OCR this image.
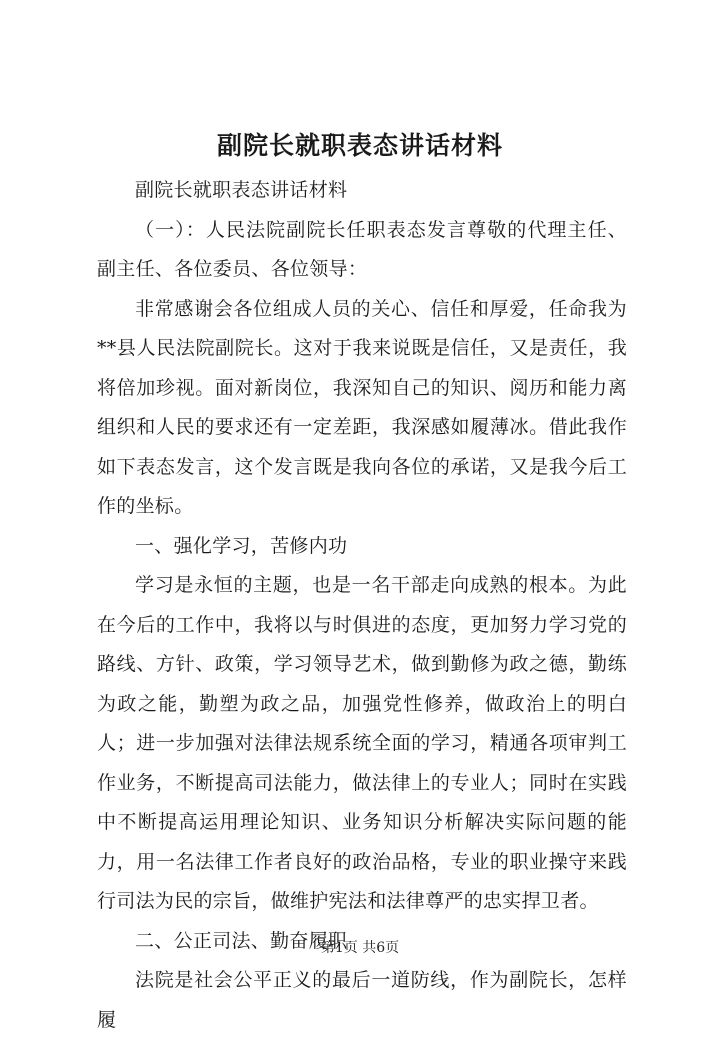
副院长就职表态讲话材料

副院长就职表态讲话材料

（一）：人民法院副院长任职表态发言尊敬的代理主任、副主任、各位委员、各位领导：

非常感谢会各位组成人员的关心、信任和厚爱，任命我为**县人民法院副院长。这对于我来说既是信任，又是责任，我将倍加珍视。面对新岗位，我深知自己的知识、阅历和能力离组织和人民的要求还有一定差距，我深感如履薄冰。借此我作如下表态发言，这个发言既是我向各位的承诺，又是我今后工作的坐标。

一、强化学习，苦修内功

学习是永恒的主题，也是一名干部走向成熟的根本。为此在今后的工作中，我将以与时俱进的态度，更加努力学习党的路线、方针、政策，学习领导艺术，做到勤修为政之德，勤练为政之能，勤塑为政之品，加强党性修养，做政治上的明白人；进一步加强对法律法规系统全面的学习，精通各项审判工作业务，不断提高司法能力，做法律上的专业人；同时在实践中不断提高运用理论知识、业务知识分析解决实际问题的能力，用一名法律工作者良好的政治品格，专业的职业操守来践行司法为民的宗旨，做维护宪法和法律尊严的忠实捍卫者。

二、公正司法、勤奋履职

法院是社会公平正义的最后一道防线，作为副院长，怎样履

第1页 共6页
